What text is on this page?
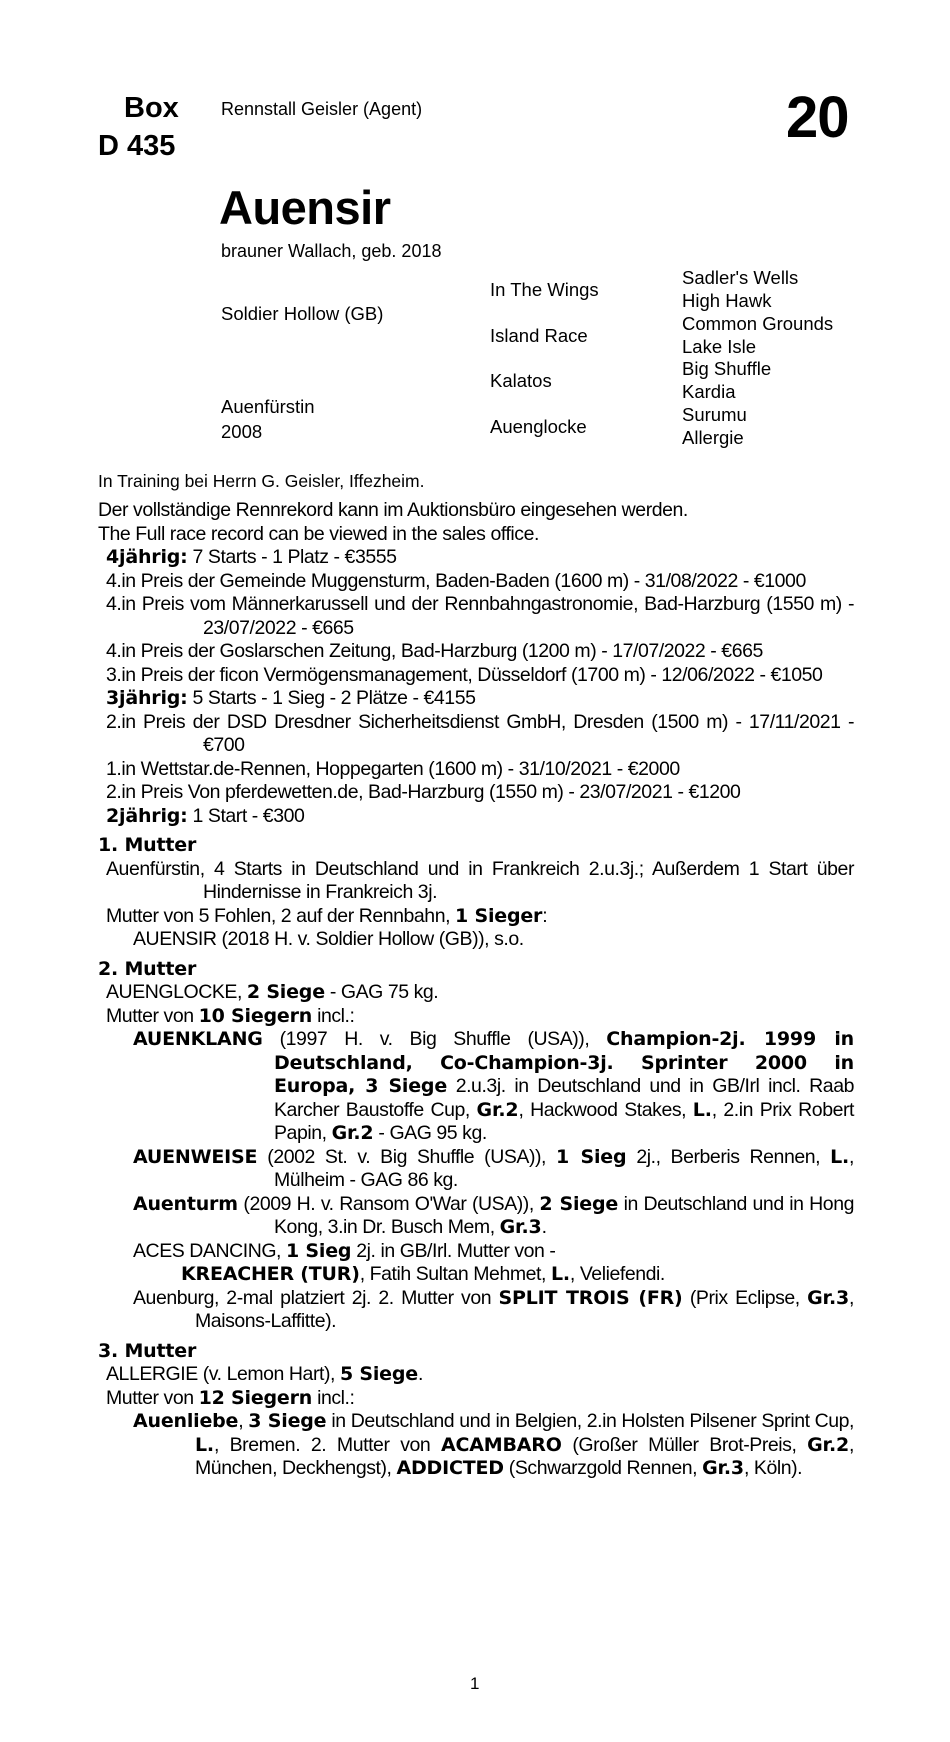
Box
D 435
Rennstall Geisler (Agent)	20
Auensir
brauner Wallach, geb. 2018
Soldier Hollow (GB)
Auenfürstin
2008
In The Wings
Island Race
Kalatos
Auenglocke
Sadler's Wells
High Hawk
Common Grounds
Lake Isle
Big Shuffle
Kardia
Surumu
Allergie
In Training bei Herrn G. Geisler, Iffezheim.

Der vollständige Rennrekord kann im Auktionsbüro eingesehen werden.

The Full race record can be viewed in the sales office.

4jährig: 7 Starts - 1 Platz - €3555

4.in Preis der Gemeinde Muggensturm, Baden-Baden (1600 m) - 31/08/2022 - €1000

4.in Preis vom Männerkarussell und der Rennbahngastronomie, Bad-Harzburg (1550 m) - 23/07/2022 - €665

4.in Preis der Goslarschen Zeitung, Bad-Harzburg (1200 m) - 17/07/2022 - €665

3.in Preis der ficon Vermögensmanagement, Düsseldorf (1700 m) - 12/06/2022 - €1050

3jährig: 5 Starts - 1 Sieg - 2 Plätze - €4155

2.in Preis der DSD Dresdner Sicherheitsdienst GmbH, Dresden (1500 m) - 17/11/2021 - €700

1.in Wettstar.de-Rennen, Hoppegarten (1600 m) - 31/10/2021 - €2000

2.in Preis Von pferdewetten.de, Bad-Harzburg (1550 m) - 23/07/2021 - €1200

2jährig: 1 Start - €300

1. Mutter

Auenfürstin, 4 Starts in Deutschland und in Frankreich 2.u.3j.; Außerdem 1 Start über Hindernisse in Frankreich 3j.

Mutter von 5 Fohlen, 2 auf der Rennbahn, 1 Sieger:

AUENSIR (2018 H. v. Soldier Hollow (GB)), s.o.

2. Mutter

AUENGLOCKE, 2 Siege - GAG 75 kg.

Mutter von 10 Siegern incl.:

AUENKLANG (1997 H. v. Big Shuffle (USA)), Champion-2j. 1999 in Deutschland, Co-Champion-3j. Sprinter 2000 in Europa, 3 Siege 2.u.3j. in Deutschland und in GB/Irl incl. Raab Karcher Baustoffe Cup, Gr.2, Hackwood Stakes, L., 2.in Prix Robert Papin, Gr.2 - GAG 95 kg.

AUENWEISE (2002 St. v. Big Shuffle (USA)), 1 Sieg 2j., Berberis Rennen, L., Mülheim - GAG 86 kg.

Auenturm (2009 H. v. Ransom O'War (USA)), 2 Siege in Deutschland und in Hong Kong, 3.in Dr. Busch Mem, Gr.3.

ACES DANCING, 1 Sieg 2j. in GB/Irl. Mutter von -

KREACHER (TUR), Fatih Sultan Mehmet, L., Veliefendi.

Auenburg, 2-mal platziert 2j. 2. Mutter von SPLIT TROIS (FR) (Prix Eclipse, Gr.3, Maisons-Laffitte).

3. Mutter

ALLERGIE (v. Lemon Hart), 5 Siege.

Mutter von 12 Siegern incl.:

Auenliebe, 3 Siege in Deutschland und in Belgien, 2.in Holsten Pilsener Sprint Cup, L., Bremen. 2. Mutter von ACAMBARO (Großer Müller Brot-Preis, Gr.2, München, Deckhengst), ADDICTED (Schwarzgold Rennen, Gr.3, Köln).

1
